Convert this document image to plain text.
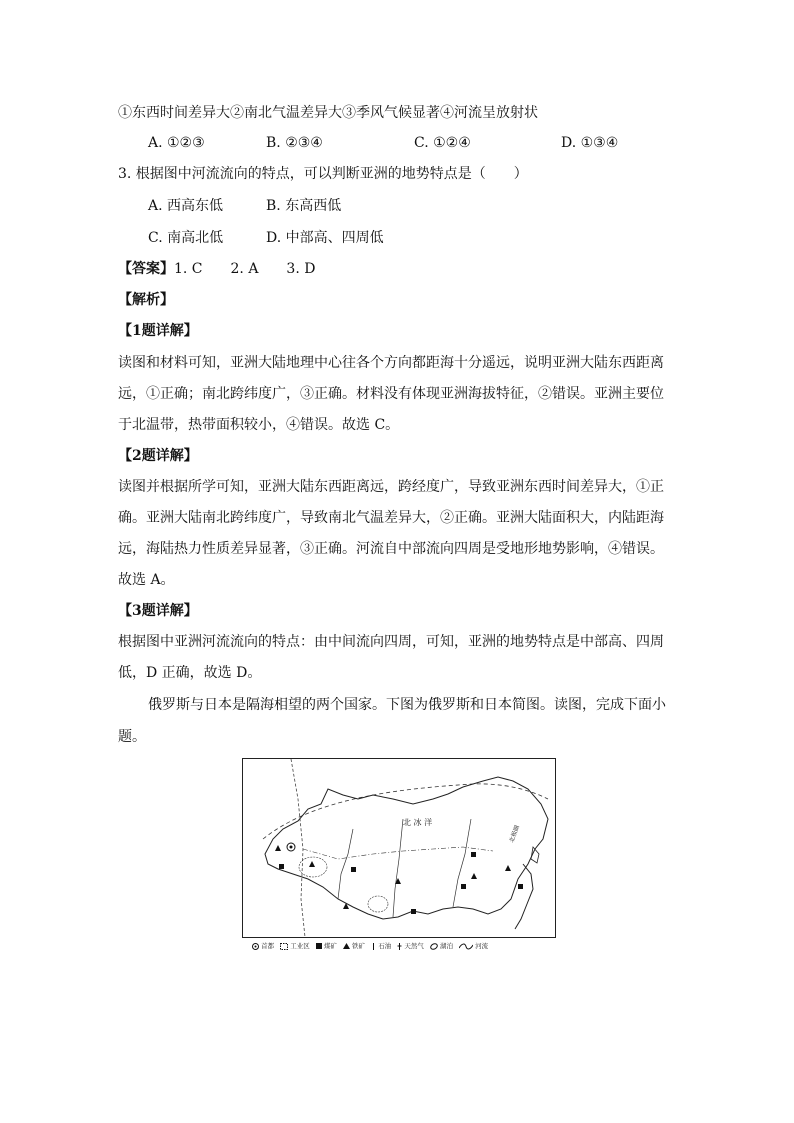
①东西时间差异大②南北气温差异大③季风气候显著④河流呈放射状
A. ①②③	B. ②③④	C. ①②④	D. ①③④
3. 根据图中河流流向的特点，可以判断亚洲的地势特点是（　　）
A. 西高东低	B. 东高西低
C. 南高北低	D. 中部高、四周低
【答案】1. C　　2. A　　3. D
【解析】
【1题详解】
读图和材料可知，亚洲大陆地理中心往各个方向都距海十分遥远，说明亚洲大陆东西距离
远，①正确；南北跨纬度广，③正确。材料没有体现亚洲海拔特征，②错误。亚洲主要位
于北温带，热带面积较小，④错误。故选 C。
【2题详解】
读图并根据所学可知，亚洲大陆东西距离远，跨经度广，导致亚洲东西时间差异大，①正
确。亚洲大陆南北跨纬度广，导致南北气温差异大，②正确。亚洲大陆面积大，内陆距海
远，海陆热力性质差异显著，③正确。河流自中部流向四周是受地形地势影响，④错误。
故选 A。
【3题详解】
根据图中亚洲河流流向的特点：由中间流向四周，可知，亚洲的地势特点是中部高、四周
低，D 正确，故选 D。
俄罗斯与日本是隔海相望的两个国家。下图为俄罗斯和日本简图。读图，完成下面小
题。
北 冰 洋
北极圈
首都 工业区 煤矿 铁矿 石油 天然气 湖泊	河流
